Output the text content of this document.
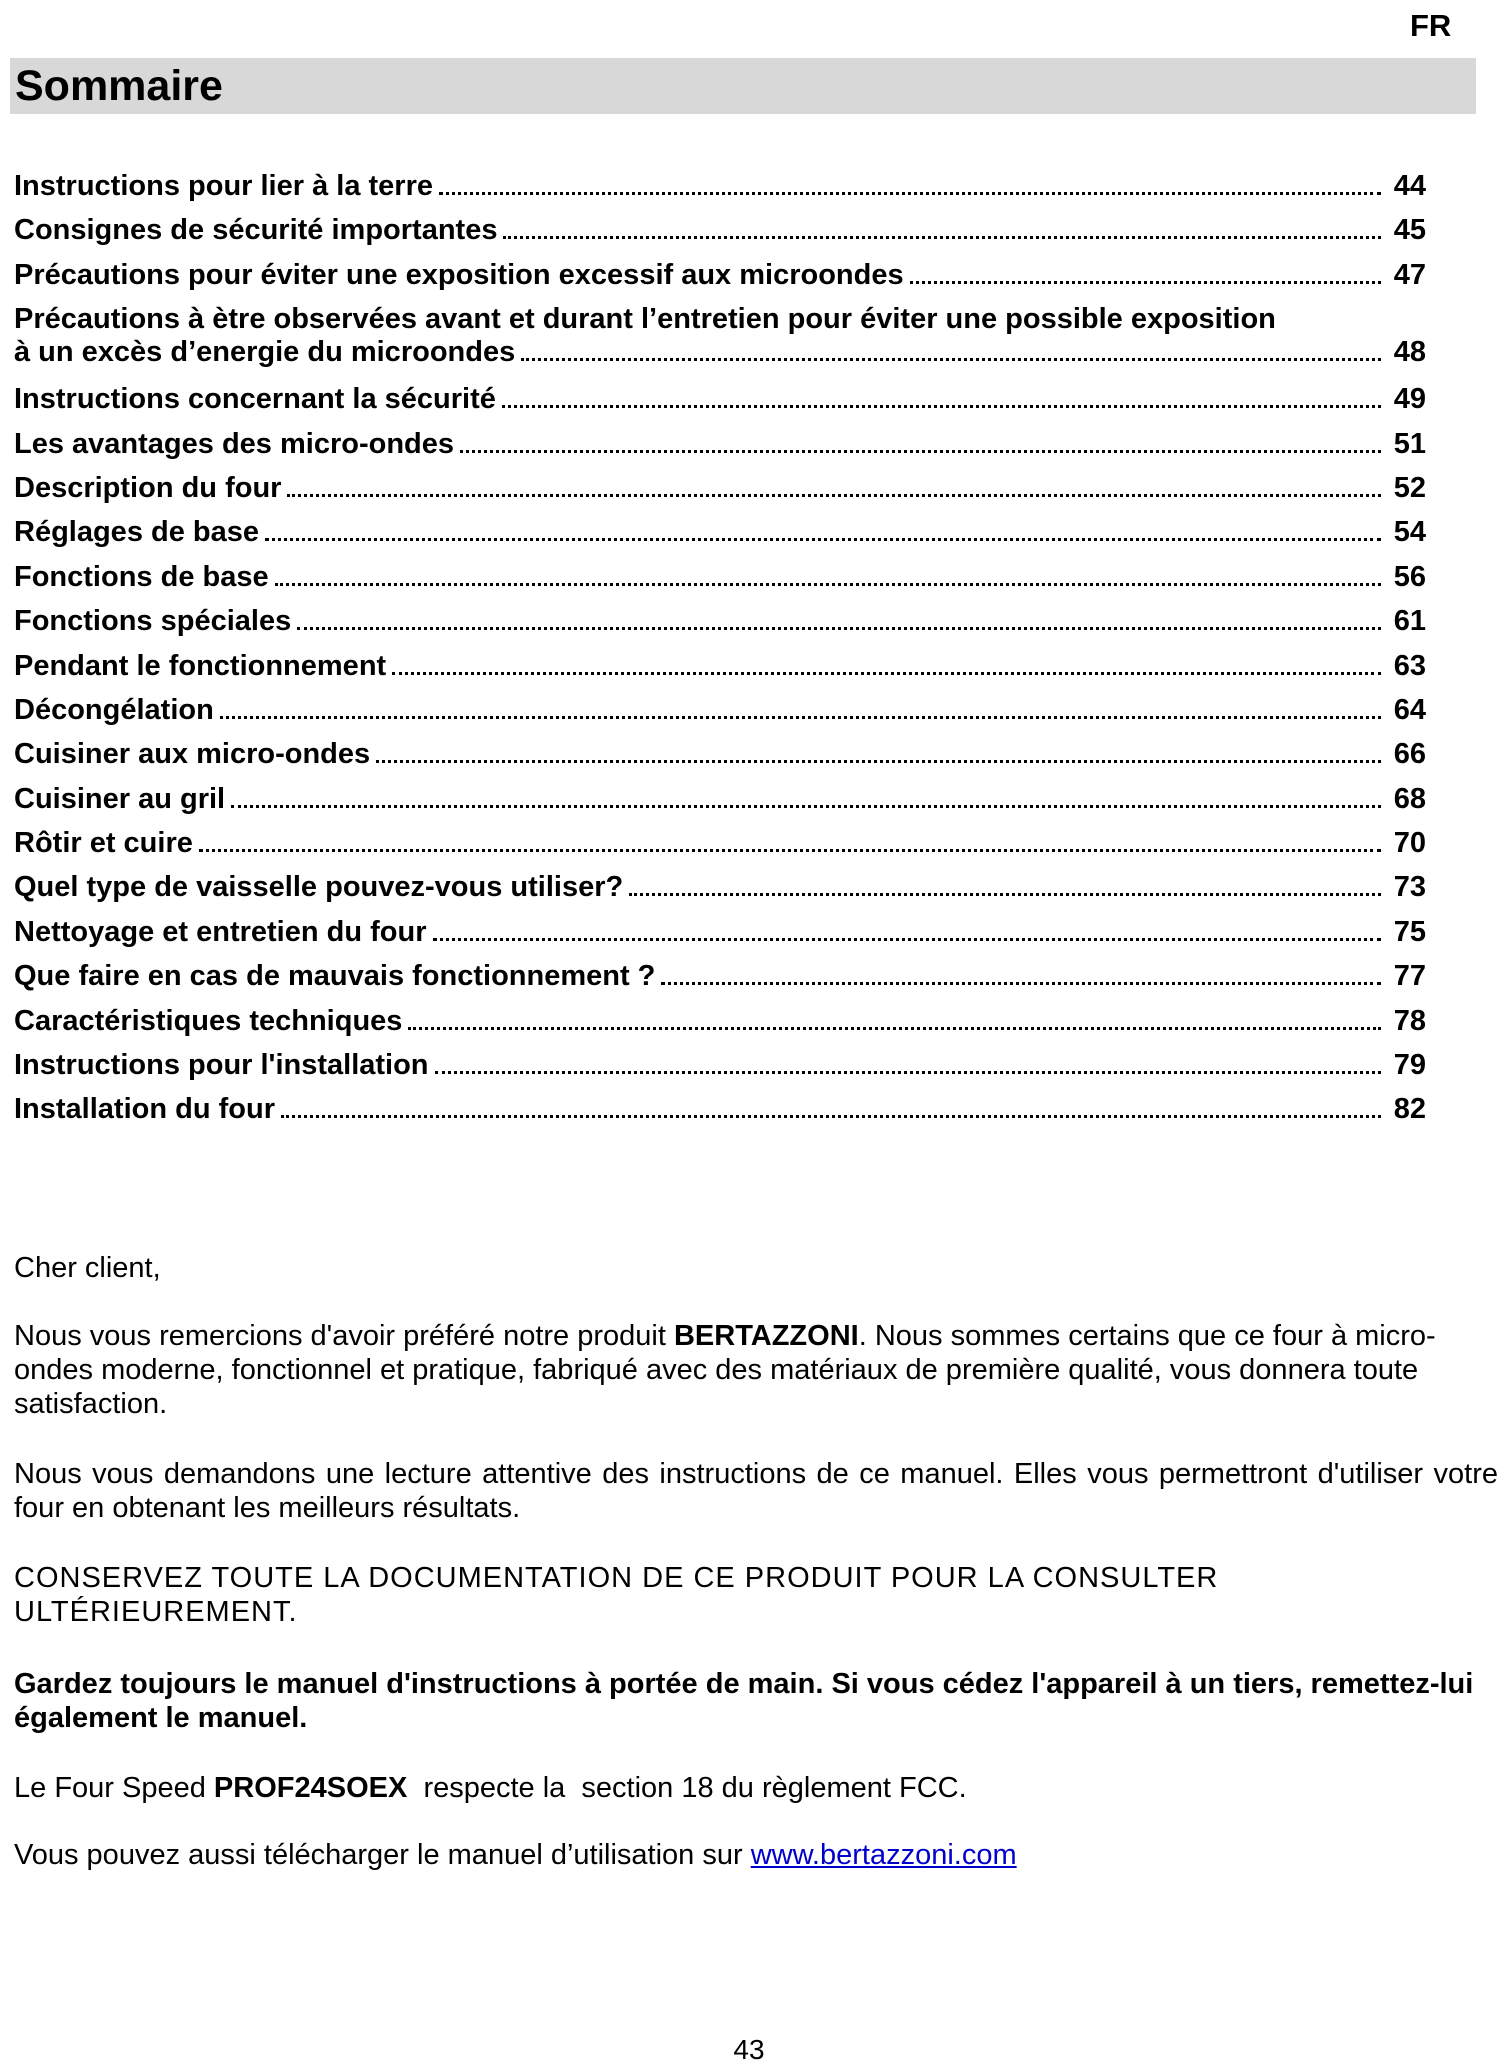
FR
Sommaire
Instructions pour lier à la terre	44
Consignes de sécurité importantes	45
Précautions pour éviter une exposition excessif aux microondes	47
Précautions à ètre observées avant et durant l’entretien pour éviter une possible exposition
à un excès d’energie du microondes	48
Instructions concernant la sécurité	49
Les avantages des micro-ondes	51
Description du four	52
Réglages de base	54
Fonctions de base	56
Fonctions spéciales	61
Pendant le fonctionnement	63
Décongélation	64
Cuisiner aux micro-ondes	66
Cuisiner au gril	68
Rôtir et cuire	70
Quel type de vaisselle pouvez-vous utiliser?	73
Nettoyage et entretien du four	75
Que faire en cas de mauvais fonctionnement ?	77
Caractéristiques techniques	78
Instructions pour l'installation	79
Installation du four	82
Cher client,
Nous vous remercions d'avoir préféré notre produit BERTAZZONI. Nous sommes certains que ce four à micro-ondes moderne, fonctionnel et pratique, fabriqué avec des matériaux de première qualité, vous donnera toute satisfaction.
Nous vous demandons une lecture attentive des instructions de ce manuel. Elles vous permettront d'utiliser votre four en obtenant les meilleurs résultats.
CONSERVEZ TOUTE LA DOCUMENTATION DE CE PRODUIT POUR LA CONSULTER ULTÉRIEUREMENT.
Gardez toujours le manuel d'instructions à portée de main. Si vous cédez l'appareil à un tiers, remettez-lui également le manuel.
Le Four Speed PROF24SOEX  respecte la  section 18 du règlement FCC.
Vous pouvez aussi télécharger le manuel d’utilisation sur www.bertazzoni.com
43
